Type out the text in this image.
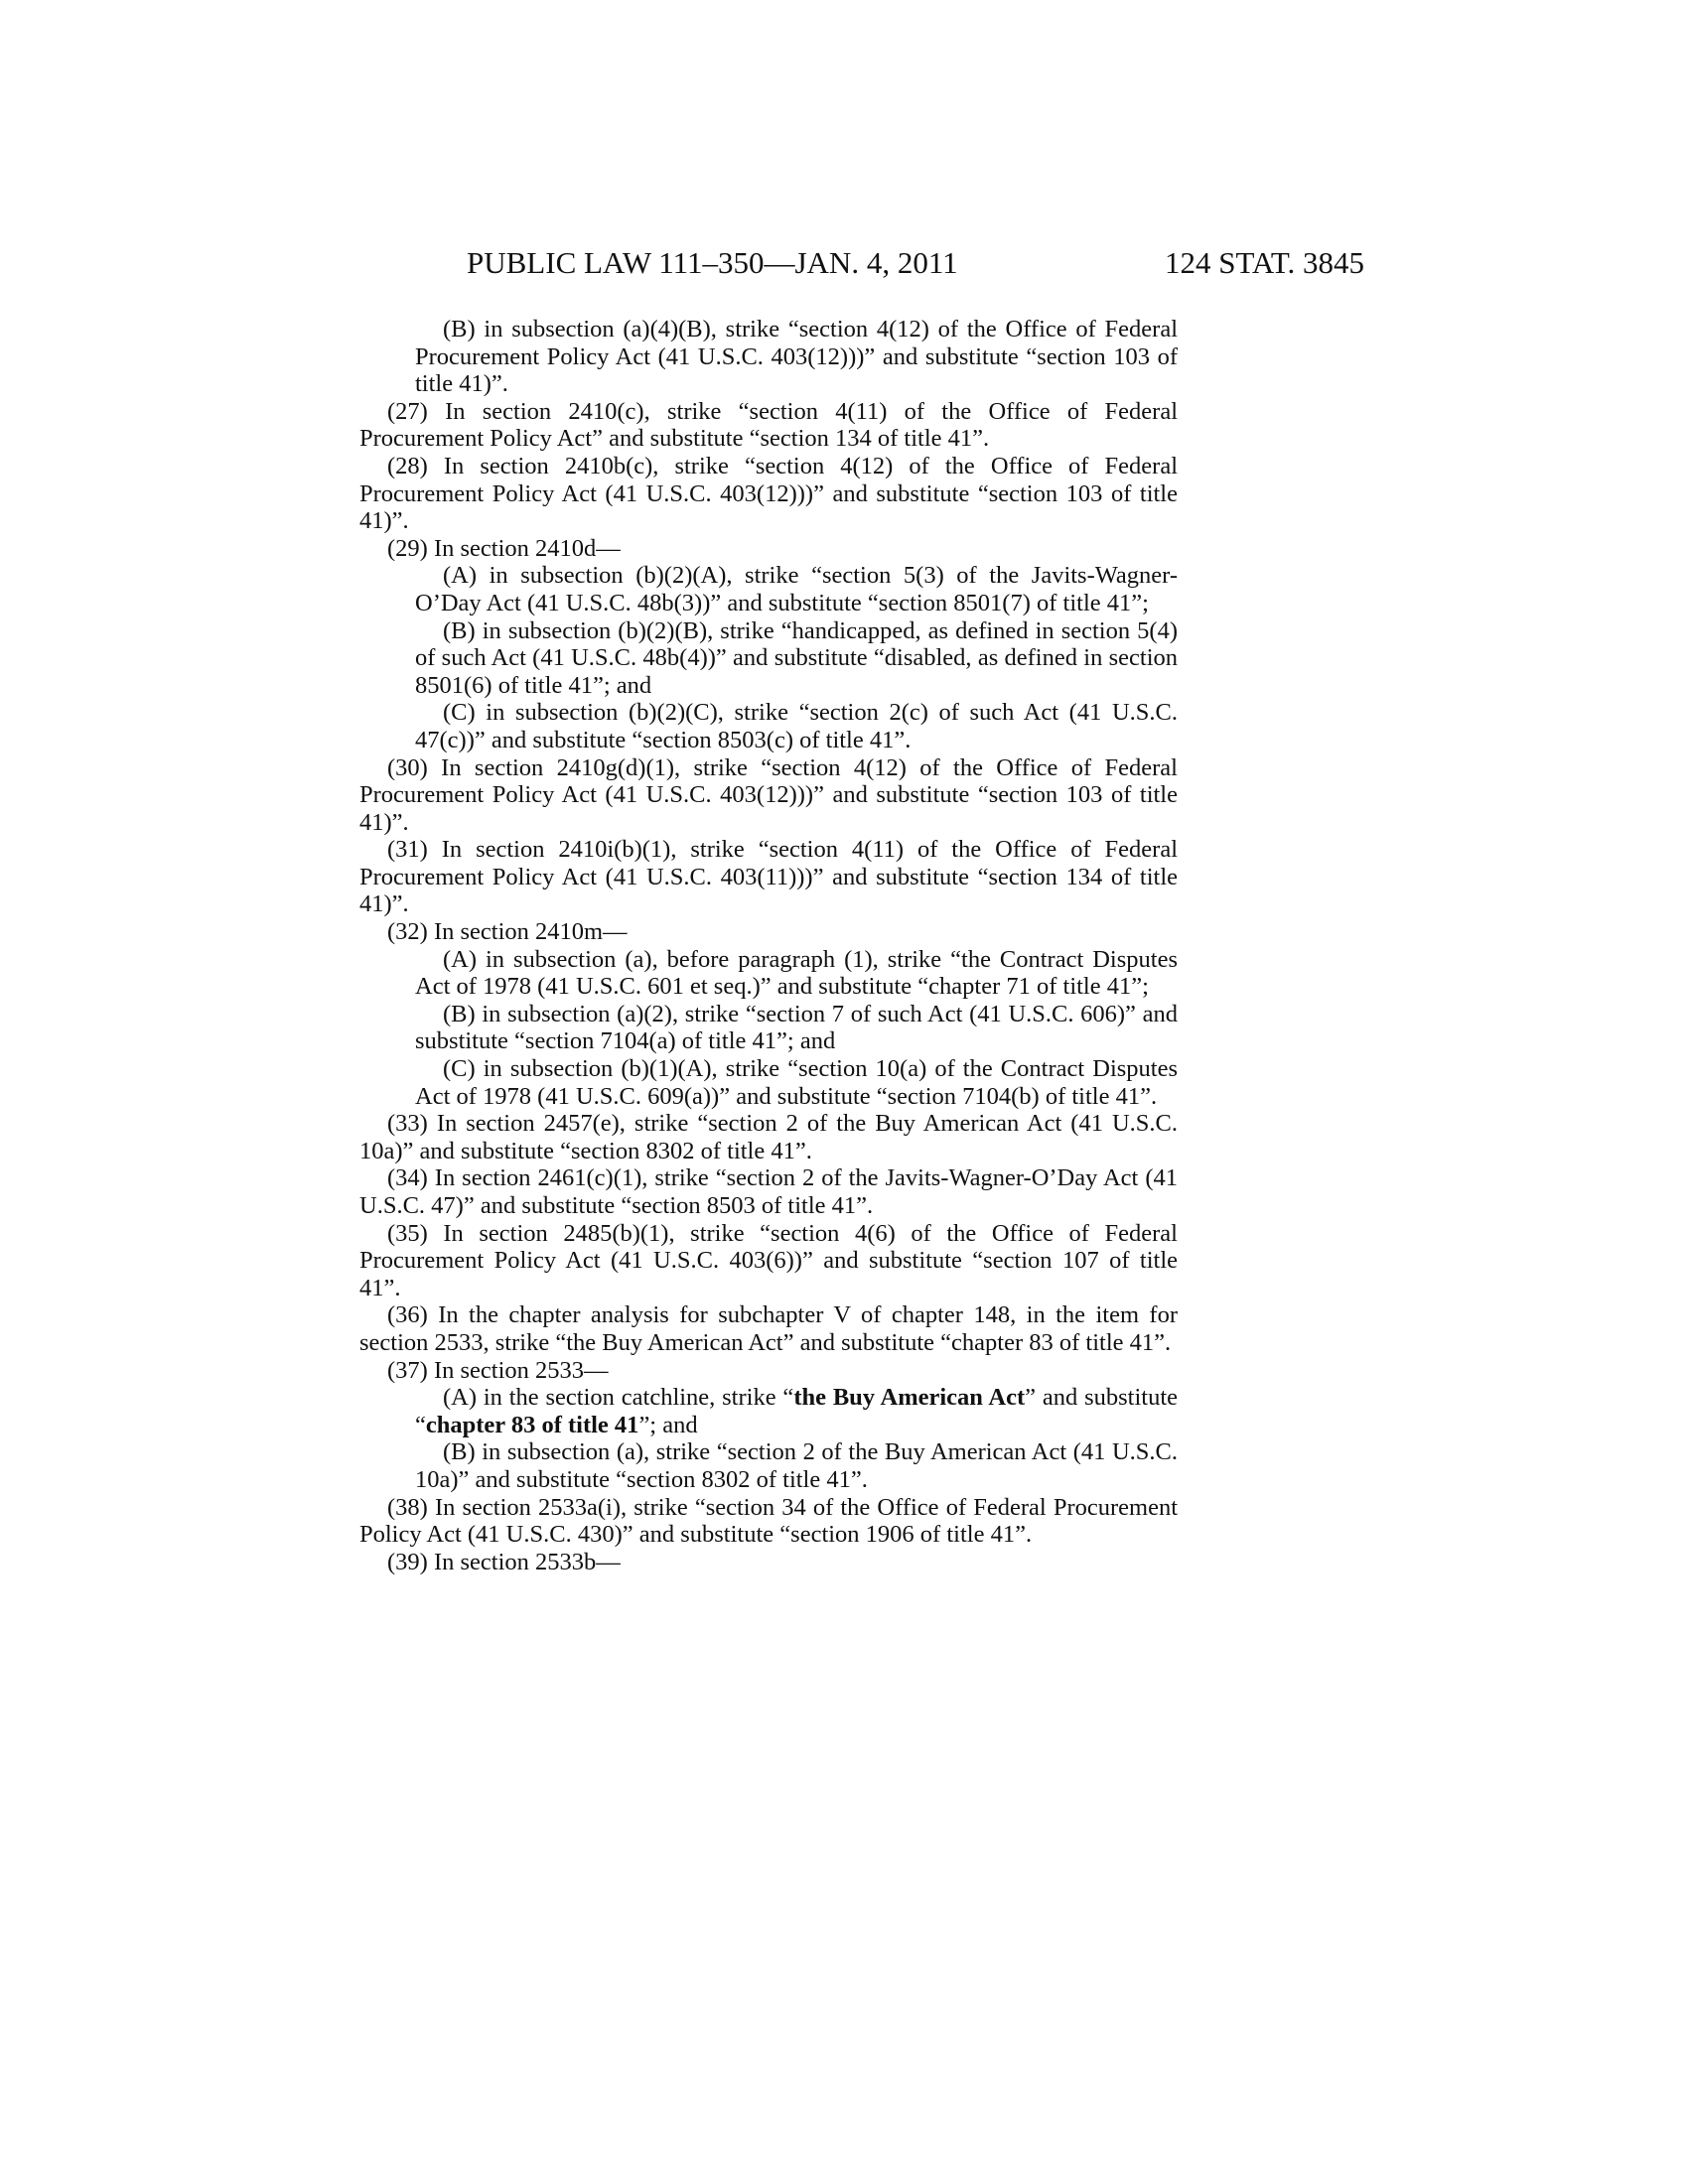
PUBLIC LAW 111–350—JAN. 4, 2011	124 STAT. 3845

(B) in subsection (a)(4)(B), strike “section 4(12) of the Office of Federal Procurement Policy Act (41 U.S.C. 403(12)))” and substitute “section 103 of title 41)”.

(27) In section 2410(c), strike “section 4(11) of the Office of Federal Procurement Policy Act” and substitute “section 134 of title 41”.

(28) In section 2410b(c), strike “section 4(12) of the Office of Federal Procurement Policy Act (41 U.S.C. 403(12)))” and substitute “section 103 of title 41)”.

(29) In section 2410d—

(A) in subsection (b)(2)(A), strike “section 5(3) of the Javits-Wagner-O’Day Act (41 U.S.C. 48b(3))” and substitute “section 8501(7) of title 41”;

(B) in subsection (b)(2)(B), strike “handicapped, as defined in section 5(4) of such Act (41 U.S.C. 48b(4))” and substitute “disabled, as defined in section 8501(6) of title 41”; and

(C) in subsection (b)(2)(C), strike “section 2(c) of such Act (41 U.S.C. 47(c))” and substitute “section 8503(c) of title 41”.

(30) In section 2410g(d)(1), strike “section 4(12) of the Office of Federal Procurement Policy Act (41 U.S.C. 403(12)))” and substitute “section 103 of title 41)”.

(31) In section 2410i(b)(1), strike “section 4(11) of the Office of Federal Procurement Policy Act (41 U.S.C. 403(11)))” and substitute “section 134 of title 41)”.

(32) In section 2410m—

(A) in subsection (a), before paragraph (1), strike “the Contract Disputes Act of 1978 (41 U.S.C. 601 et seq.)” and substitute “chapter 71 of title 41”;

(B) in subsection (a)(2), strike “section 7 of such Act (41 U.S.C. 606)” and substitute “section 7104(a) of title 41”; and

(C) in subsection (b)(1)(A), strike “section 10(a) of the Contract Disputes Act of 1978 (41 U.S.C. 609(a))” and substitute “section 7104(b) of title 41”.

(33) In section 2457(e), strike “section 2 of the Buy American Act (41 U.S.C. 10a)” and substitute “section 8302 of title 41”.

(34) In section 2461(c)(1), strike “section 2 of the Javits-Wagner-O’Day Act (41 U.S.C. 47)” and substitute “section 8503 of title 41”.

(35) In section 2485(b)(1), strike “section 4(6) of the Office of Federal Procurement Policy Act (41 U.S.C. 403(6))” and substitute “section 107 of title 41”.

(36) In the chapter analysis for subchapter V of chapter 148, in the item for section 2533, strike “the Buy American Act” and substitute “chapter 83 of title 41”.

(37) In section 2533—

(A) in the section catchline, strike “the Buy American Act” and substitute “chapter 83 of title 41”; and

(B) in subsection (a), strike “section 2 of the Buy American Act (41 U.S.C. 10a)” and substitute “section 8302 of title 41”.

(38) In section 2533a(i), strike “section 34 of the Office of Federal Procurement Policy Act (41 U.S.C. 430)” and substitute “section 1906 of title 41”.

(39) In section 2533b—
